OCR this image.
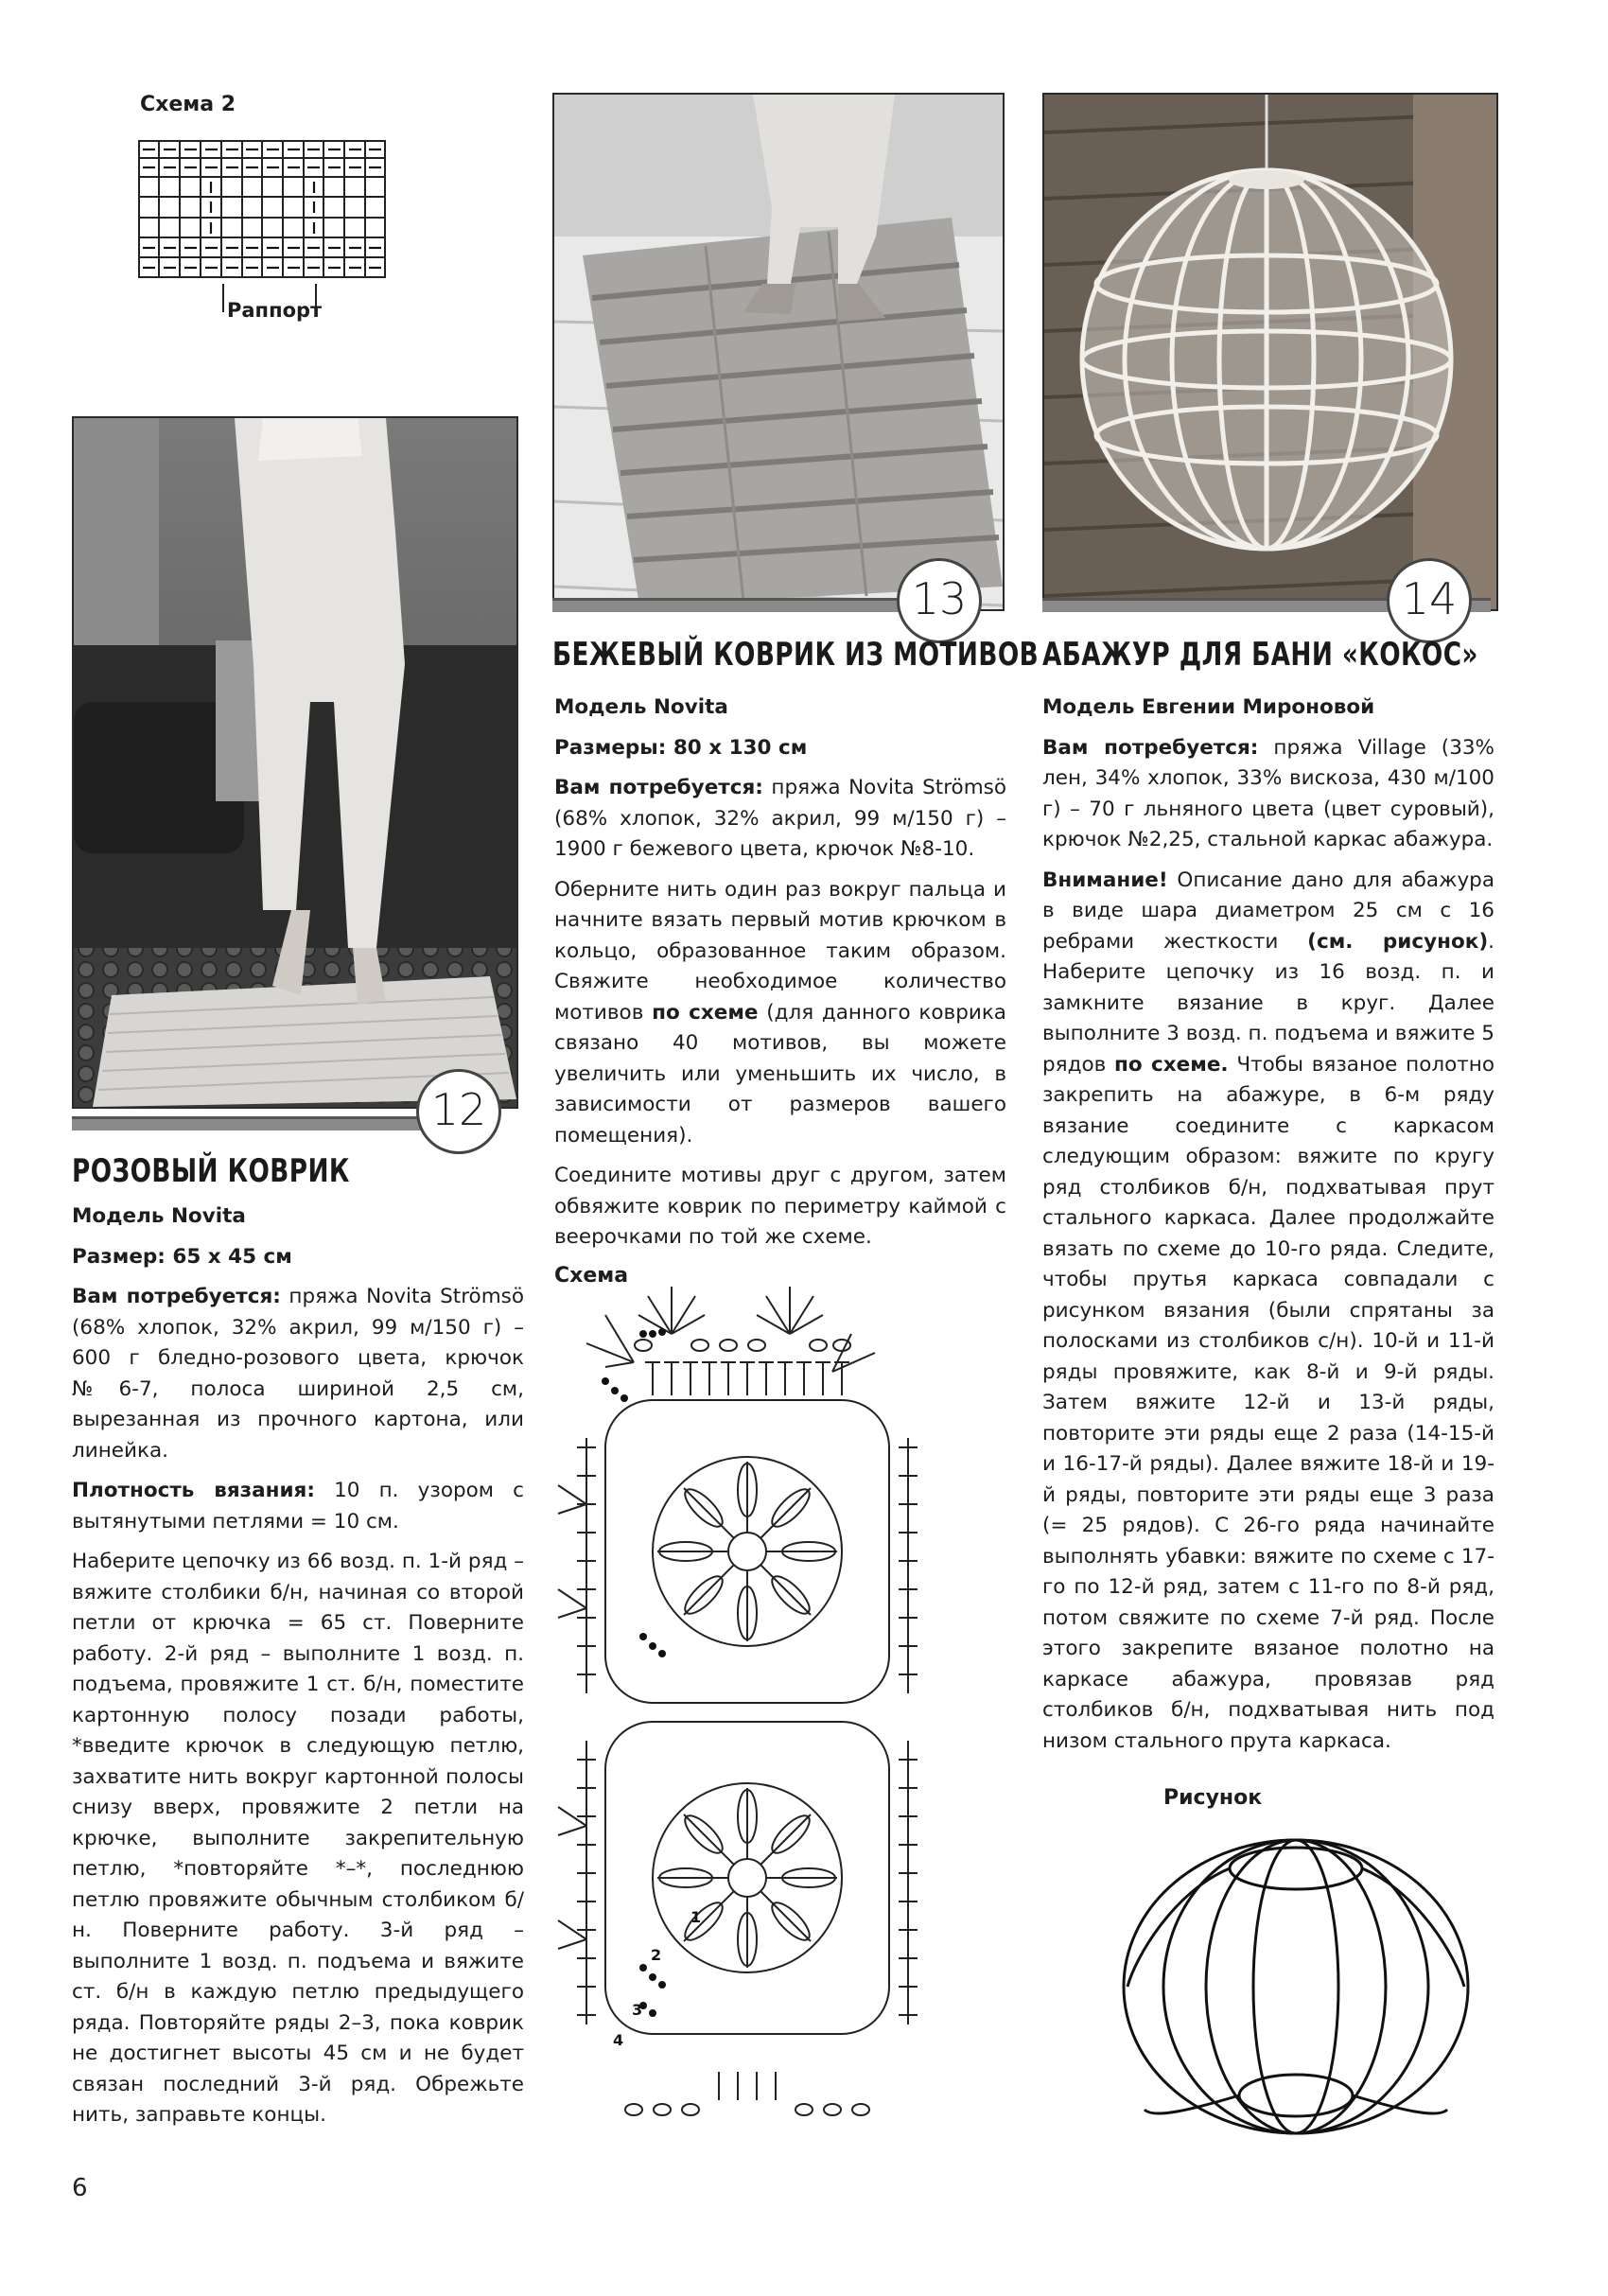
Схема 2
Раппорт
12
РОЗОВЫЙ КОВРИК

Модель Novita

Размер: 65 х 45 см

Вам потребуется: пряжа Novita Strömsö (68% хлопок, 32% акрил, 99 м/150 г) – 600 г бледно-розового цвета, крючок №6-7, полоса шириной 2,5 см, вырезанная из прочного картона, или линейка.

Плотность вязания: 10 п. узором с вытянутыми петлями = 10 см.

Наберите цепочку из 66 возд. п. 1-й ряд – вяжите столбики б/н, начиная со второй петли от крючка = 65 ст. Поверните работу. 2-й ряд – выполните 1 возд. п. подъема, провяжите 1 ст. б/н, поместите картонную полосу позади работы, *введите крючок в следующую петлю, захватите нить вокруг картонной полосы снизу вверх, провяжите 2 петли на крючке, выполните закрепительную петлю, *повторяйте *–*, последнюю петлю провяжите обычным столбиком б/н. Поверните работу. 3-й ряд – выполните 1 возд. п. подъема и вяжите ст. б/н в каждую петлю предыдущего ряда. Повторяйте ряды 2–3, пока коврик не достигнет высоты 45 см и не будет связан последний 3-й ряд. Обрежьте нить, заправьте концы.

13
БЕЖЕВЫЙ КОВРИК ИЗ МОТИВОВ

Модель Novita

Размеры: 80 х 130 см

Вам потребуется: пряжа Novita Strömsö (68% хлопок, 32% акрил, 99 м/150 г) – 1900 г бежевого цвета, крючок №8-10.

Оберните нить один раз вокруг пальца и начните вязать первый мотив крючком в кольцо, образованное таким образом. Свяжите необходимое количество мотивов по схеме (для данного коврика связано 40 мотивов, вы можете увеличить или уменьшить их число, в зависимости от размеров вашего помещения).

Соедините мотивы друг с другом, затем обвяжите коврик по периметру каймой с веерочками по той же схеме.

Схема
1
2
3
4
14
АБАЖУР ДЛЯ БАНИ «КОКОС»

Модель Евгении Мироновой

Вам потребуется: пряжа Village (33% лен, 34% хлопок, 33% вискоза, 430 м/100 г) – 70 г льняного цвета (цвет суровый), крючок №2,25, стальной каркас абажура.

Внимание! Описание дано для абажура в виде шара диаметром 25 см с 16 ребрами жесткости (см. рисунок). Наберите цепочку из 16 возд. п. и замкните вязание в круг. Далее выполните 3 возд. п. подъема и вяжите 5 рядов по схеме. Чтобы вязаное полотно закрепить на абажуре, в 6-м ряду вязание соедините с каркасом следующим образом: вяжите по кругу ряд столбиков б/н, подхватывая прут стального каркаса. Далее продолжайте вязать по схеме до 10-го ряда. Следите, чтобы прутья каркаса совпадали с рисунком вязания (были спрятаны за полосками из столбиков с/н). 10-й и 11-й ряды провяжите, как 8-й и 9-й ряды. Затем вяжите 12-й и 13-й ряды, повторите эти ряды еще 2 раза (14-15-й и 16-17-й ряды). Далее вяжите 18-й и 19-й ряды, повторите эти ряды еще 3 раза (= 25 рядов). С 26-го ряда начинайте выполнять убавки: вяжите по схеме с 17-го по 12-й ряд, затем с 11-го по 8-й ряд, потом свяжите по схеме 7-й ряд. После этого закрепите вязаное полотно на каркасе абажура, провязав ряд столбиков б/н, подхватывая нить под низом стального прута каркаса.

Рисунок
6
